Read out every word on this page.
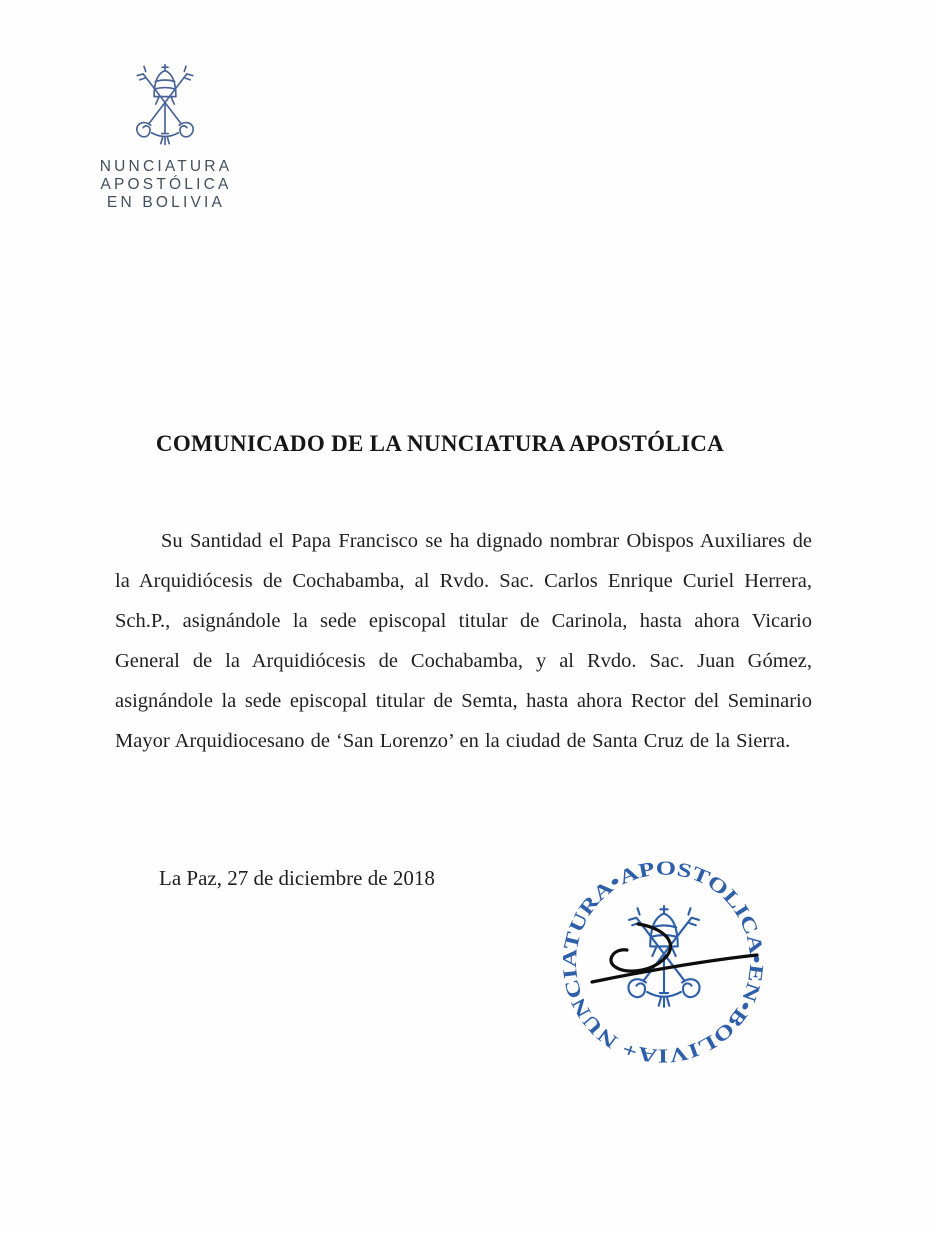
NUNCIATURA APOSTÓLICA
EN BOLIVIA
COMUNICADO DE LA NUNCIATURA APOSTÓLICA

Su Santidad el Papa Francisco se ha dignado nombrar Obispos Auxiliares de la Arquidiócesis de Cochabamba, al Rvdo. Sac. Carlos Enrique Curiel Herrera, Sch.P., asignándole la sede episcopal titular de Carinola, hasta ahora Vicario General de la Arquidiócesis de Cochabamba, y al Rvdo. Sac. Juan Gómez, asignándole la sede episcopal titular de Semta, hasta ahora Rector del Seminario Mayor Arquidiocesano de ‘San Lorenzo’ en la ciudad de Santa Cruz de la Sierra.

La Paz, 27 de diciembre de 2018
NUNCIATURA•APOSTOLICA•EN•BOLIVIA+
